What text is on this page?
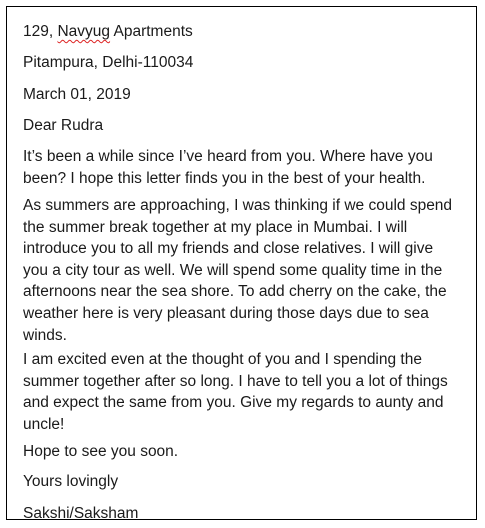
129, Navyug Apartments

Pitampura, Delhi-110034

March 01, 2019

Dear Rudra

It’s been a while since I’ve heard from you. Where have you
been? I hope this letter finds you in the best of your health.

As summers are approaching, I was thinking if we could spend
the summer break together at my place in Mumbai. I will
introduce you to all my friends and close relatives. I will give
you a city tour as well. We will spend some quality time in the
afternoons near the sea shore. To add cherry on the cake, the
weather here is very pleasant during those days due to sea
winds.

I am excited even at the thought of you and I spending the
summer together after so long. I have to tell you a lot of things
and expect the same from you. Give my regards to aunty and
uncle!

Hope to see you soon.

Yours lovingly

Sakshi/Saksham
